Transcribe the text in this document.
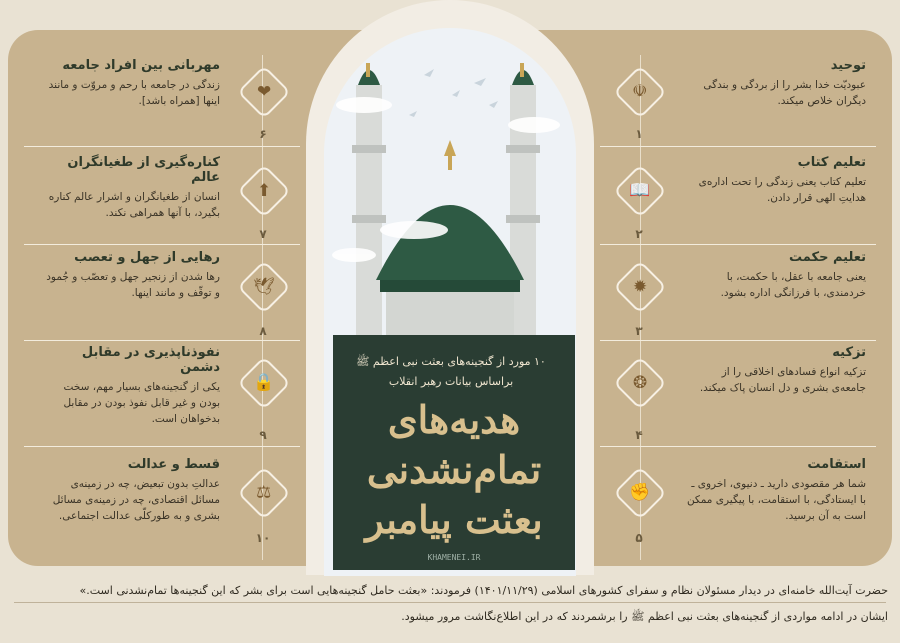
۱۰ مورد از گنجینه‌های بعثت نبی اعظم ﷺ
براساس بیانات رهبر انقلاب
هدیه‌های
تمام‌نشدنی
بعثت پیامبر
KHAMENEI.IR
توحید
عبودیّت خدا بشر را از بردگی و بندگی دیگران خلاص میکند.
☫
۱
تعلیم کتاب
تعلیم کتاب یعنی زندگی را تحت اداره‌ی هدایتِ الهی قرار دادن.
📖
۲
تعلیم حکمت
یعنی جامعه با عقل، با حکمت، با خردمندی، با فرزانگی اداره بشود.
✹
۳
تزکیه
تزکیه انواع فسادهای اخلاقی را از جامعه‌ی بشری و دل انسان پاک میکند.
❂
۴
استقامت
شما هر مقصودی دارید ـ دنیوی، اخروی ـ با ایستادگی، با استقامت، با پیگیری ممکن است به آن برسید.
✊
۵
مهربانی بین افراد جامعه
زندگی در جامعه با رحم و مروّت و مانند اینها [همراه باشد]. ❤
۶
کناره‌گیری از طغیانگران عالم
انسان از طغیانگران و اشرار عالم کناره بگیرد، با آنها همراهی نکند.
⬆
۷
رهایی از جهل و تعصب
رها شدن از زنجیر جهل و تعصّب و جُمود و توقّف و مانند اینها. 🕊
۸
نفوذناپذیری در مقابل دشمن
یکی از گنجینه‌های بسیار مهم، سخت بودن و غیر قابل نفوذ بودن در مقابل بدخواهان است.
🔒
۹
قسط و عدالت
عدالتِ بدون تبعیض، چه در زمینه‌ی مسائل اقتصادی، چه در زمینه‌ی مسائل بشری و به طورکلّی عدالت اجتماعی.
⚖
۱۰
حضرت آیت‌الله خامنه‌ای در دیدار مسئولان نظام و سفرای کشورهای اسلامی (۱۴۰۱/۱۱/۲۹) فرمودند: «بعثت حامل گنجینه‌هایی است برای بشر که این گنجینه‌ها تمام‌نشدنی است.»
ایشان در ادامه مواردی از گنجینه‌های بعثت نبی اعظم ﷺ را برشمردند که در این اطلاع‌نگاشت مرور میشود.
